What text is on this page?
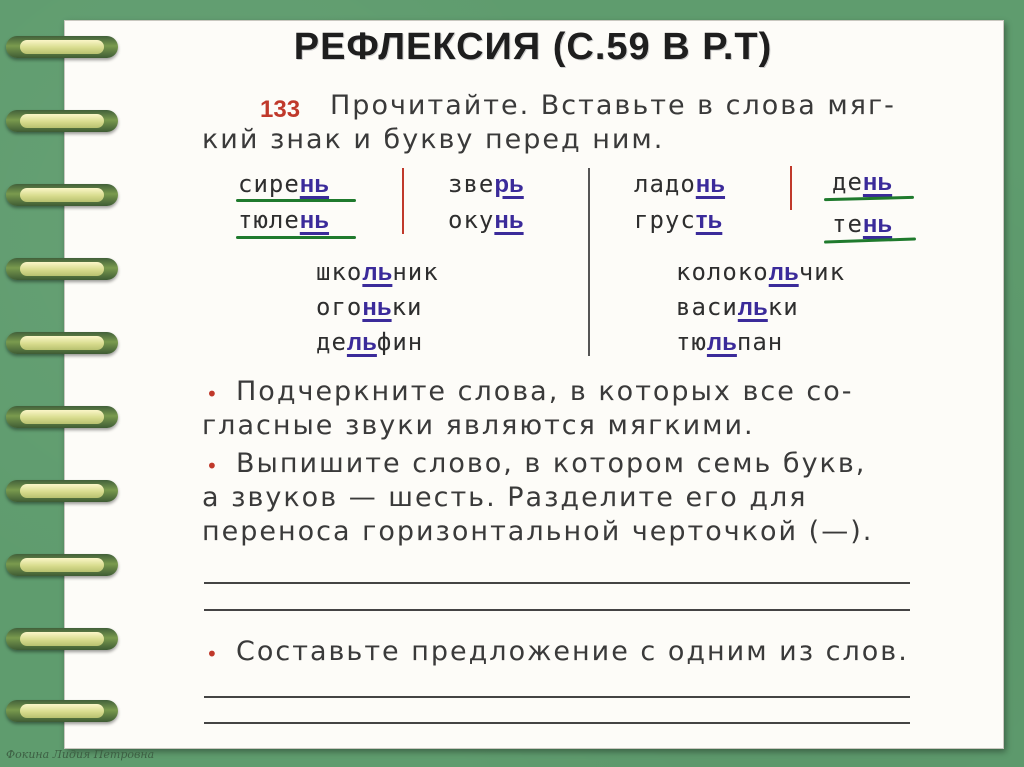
РЕФЛЕКСИЯ (С.59 В Р.Т)
133 Прочитайте. Вставьте в слова мяг-
кий знак и букву перед ним.
сирень
тюлень
зверь
окунь
ладонь
грусть
день
тень
школьник
огоньки
дельфин
колокольчик
васильки
тюльпан
• Подчеркните слова, в которых все со-
гласные звуки являются мягкими.
• Выпишите слово, в котором семь букв,
а звуков — шесть. Разделите его для
переноса горизонтальной черточкой (—).
• Составьте предложение с одним из слов.
Фокина Лидия Петровна
